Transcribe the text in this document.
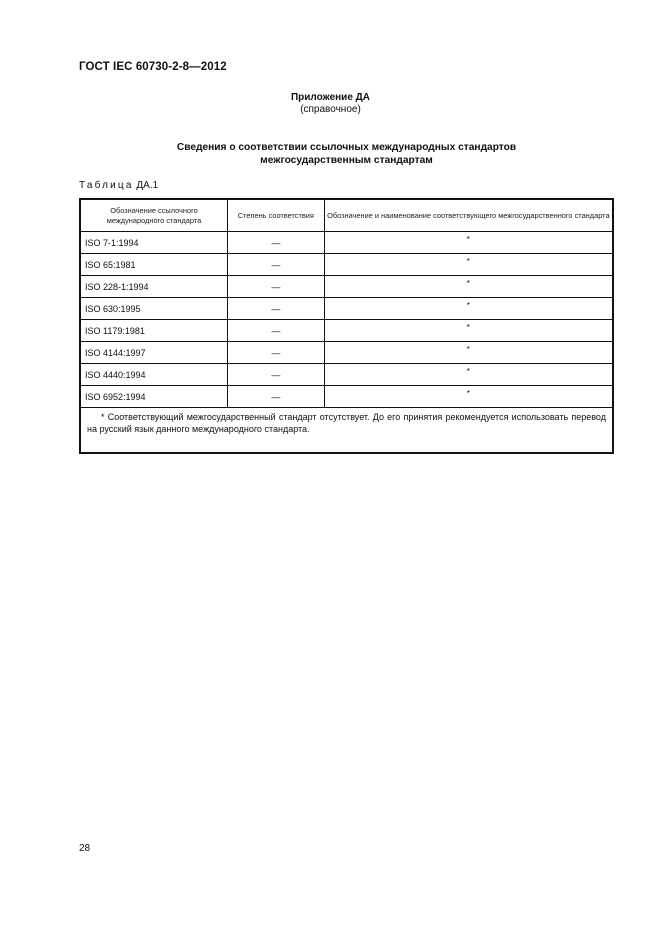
ГОСТ IEC 60730-2-8—2012
Приложение ДА
(справочное)
Сведения о соответствии ссылочных международных стандартов
межгосударственным стандартам
Таблица ДА.1
Обозначение ссылочного международного стандарта	Степень соответствия	Обозначение и наименование соответствующего межгосударственного стандарта
ISO 7-1:1994	—	*
ISO 65:1981	—	*
ISO 228-1:1994	—	*
ISO 630:1995	—	*
ISO 1179:1981	—	*
ISO 4144:1997	—	*
ISO 4440:1994	—	*
ISO 6952:1994	—	*
* Соответствующий межгосударственный стандарт отсутствует. До его принятия рекомендуется использовать перевод на русский язык данного международного стандарта.		
28
